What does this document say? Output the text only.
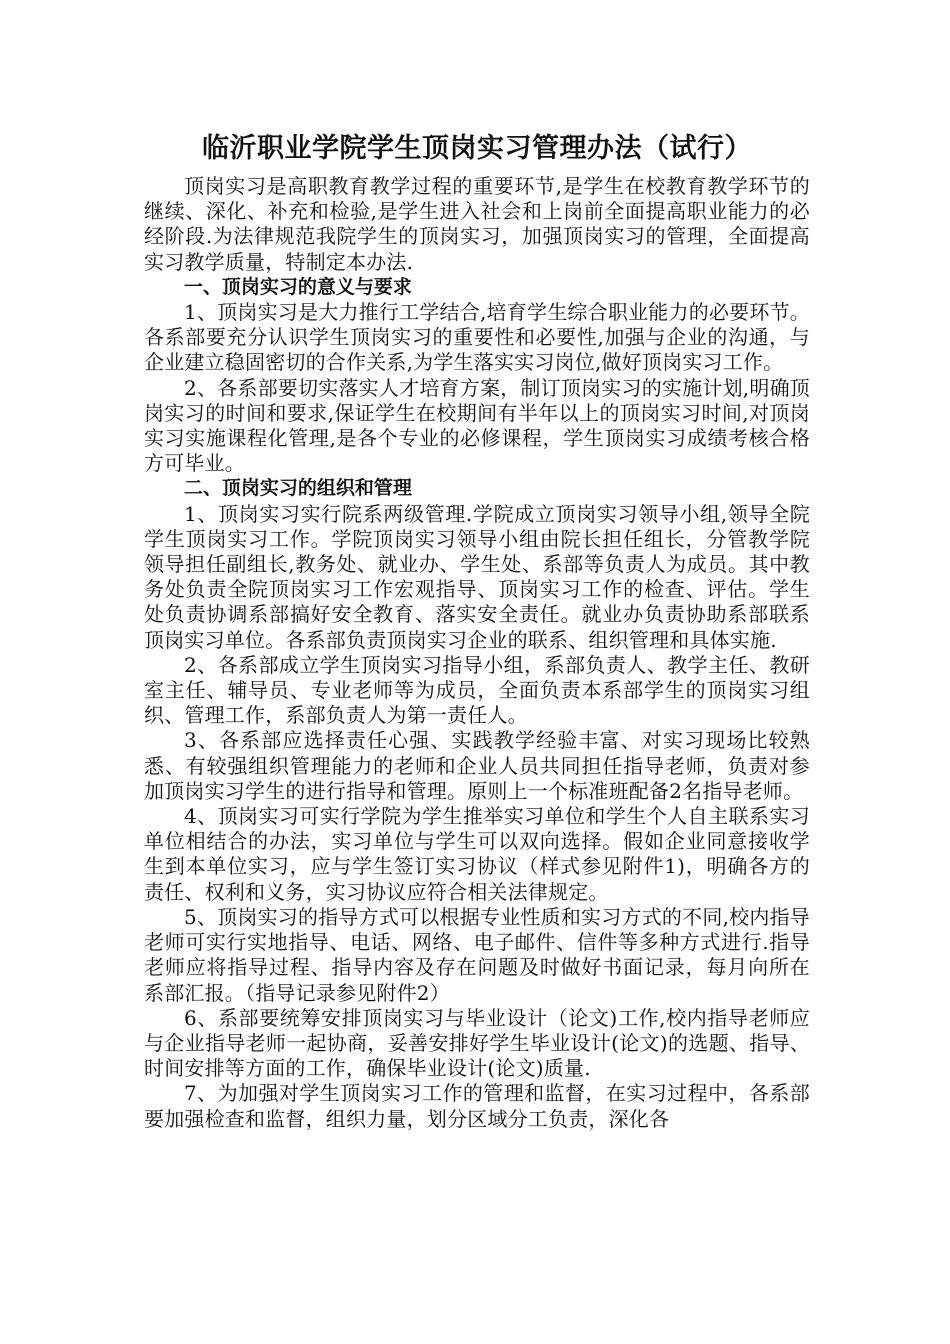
临沂职业学院学生顶岗实习管理办法（试行）

顶岗实习是高职教育教学过程的重要环节,是学生在校教育教学环节的继续、深化、补充和检验,是学生进入社会和上岗前全面提高职业能力的必经阶段.为法律规范我院学生的顶岗实习，加强顶岗实习的管理，全面提高实习教学质量，特制定本办法.

一、顶岗实习的意义与要求

1、顶岗实习是大力推行工学结合,培育学生综合职业能力的必要环节。各系部要充分认识学生顶岗实习的重要性和必要性,加强与企业的沟通，与企业建立稳固密切的合作关系,为学生落实实习岗位,做好顶岗实习工作。

2、各系部要切实落实人才培育方案，制订顶岗实习的实施计划,明确顶岗实习的时间和要求,保证学生在校期间有半年以上的顶岗实习时间,对顶岗实习实施课程化管理,是各个专业的必修课程，学生顶岗实习成绩考核合格方可毕业。

二、顶岗实习的组织和管理

1、顶岗实习实行院系两级管理.学院成立顶岗实习领导小组,领导全院学生顶岗实习工作。学院顶岗实习领导小组由院长担任组长，分管教学院领导担任副组长,教务处、就业办、学生处、系部等负责人为成员。其中教务处负责全院顶岗实习工作宏观指导、顶岗实习工作的检查、评估。学生处负责协调系部搞好安全教育、落实安全责任。就业办负责协助系部联系顶岗实习单位。各系部负责顶岗实习企业的联系、组织管理和具体实施.

2、各系部成立学生顶岗实习指导小组，系部负责人、教学主任、教研室主任、辅导员、专业老师等为成员，全面负责本系部学生的顶岗实习组织、管理工作，系部负责人为第一责任人。

3、各系部应选择责任心强、实践教学经验丰富、对实习现场比较熟悉、有较强组织管理能力的老师和企业人员共同担任指导老师，负责对参加顶岗实习学生的进行指导和管理。原则上一个标准班配备2名指导老师。

4、顶岗实习可实行学院为学生推举实习单位和学生个人自主联系实习单位相结合的办法，实习单位与学生可以双向选择。假如企业同意接收学生到本单位实习，应与学生签订实习协议（样式参见附件1)，明确各方的责任、权利和义务，实习协议应符合相关法律规定。

5、顶岗实习的指导方式可以根据专业性质和实习方式的不同,校内指导老师可实行实地指导、电话、网络、电子邮件、信件等多种方式进行.指导老师应将指导过程、指导内容及存在问题及时做好书面记录，每月向所在系部汇报。（指导记录参见附件2）

6、系部要统筹安排顶岗实习与毕业设计（论文)工作,校内指导老师应与企业指导老师一起协商，妥善安排好学生毕业设计(论文)的选题、指导、时间安排等方面的工作，确保毕业设计(论文)质量.

7、为加强对学生顶岗实习工作的管理和监督，在实习过程中，各系部要加强检查和监督，组织力量，划分区域分工负责，深化各
